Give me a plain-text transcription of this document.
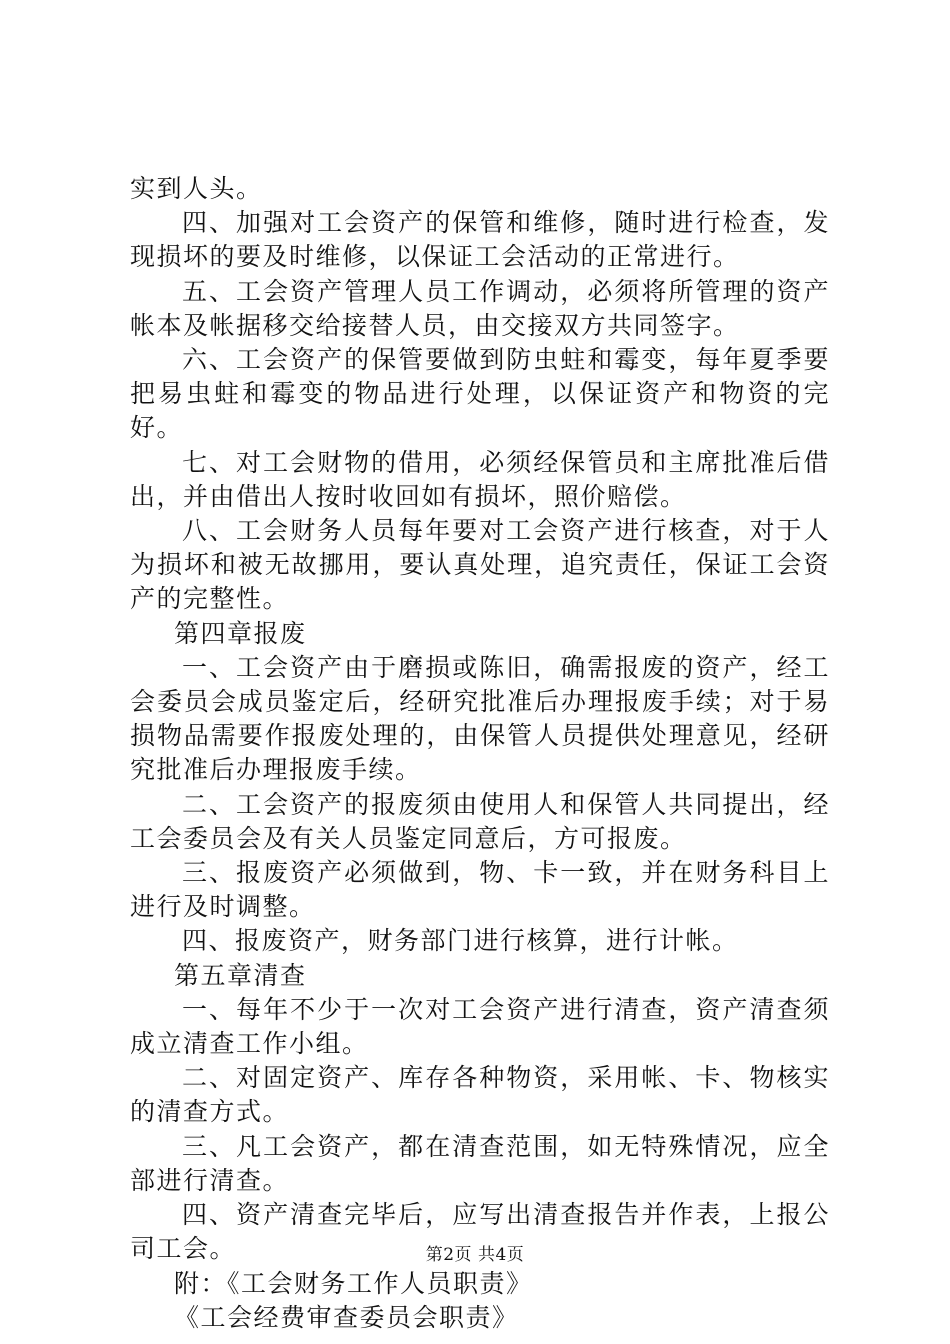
实到人头。

四、加强对工会资产的保管和维修，随时进行检查，发现损坏的要及时维修，以保证工会活动的正常进行。

五、工会资产管理人员工作调动，必须将所管理的资产帐本及帐据移交给接替人员，由交接双方共同签字。

六、工会资产的保管要做到防虫蛀和霉变，每年夏季要把易虫蛀和霉变的物品进行处理，以保证资产和物资的完好。

七、对工会财物的借用，必须经保管员和主席批准后借出，并由借出人按时收回如有损坏，照价赔偿。

八、工会财务人员每年要对工会资产进行核查，对于人为损坏和被无故挪用，要认真处理，追究责任，保证工会资产的完整性。

第四章报废

一、工会资产由于磨损或陈旧，确需报废的资产，经工会委员会成员鉴定后，经研究批准后办理报废手续；对于易损物品需要作报废处理的，由保管人员提供处理意见，经研究批准后办理报废手续。

二、工会资产的报废须由使用人和保管人共同提出，经工会委员会及有关人员鉴定同意后，方可报废。

三、报废资产必须做到，物、卡一致，并在财务科目上进行及时调整。

四、报废资产，财务部门进行核算，进行计帐。

第五章清查

一、每年不少于一次对工会资产进行清查，资产清查须成立清查工作小组。

二、对固定资产、库存各种物资，采用帐、卡、物核实的清查方式。

三、凡工会资产，都在清查范围，如无特殊情况，应全部进行清查。

四、资产清查完毕后，应写出清查报告并作表，上报公司工会。

附：《工会财务工作人员职责》

《工会经费审查委员会职责》

第2页 共4页
